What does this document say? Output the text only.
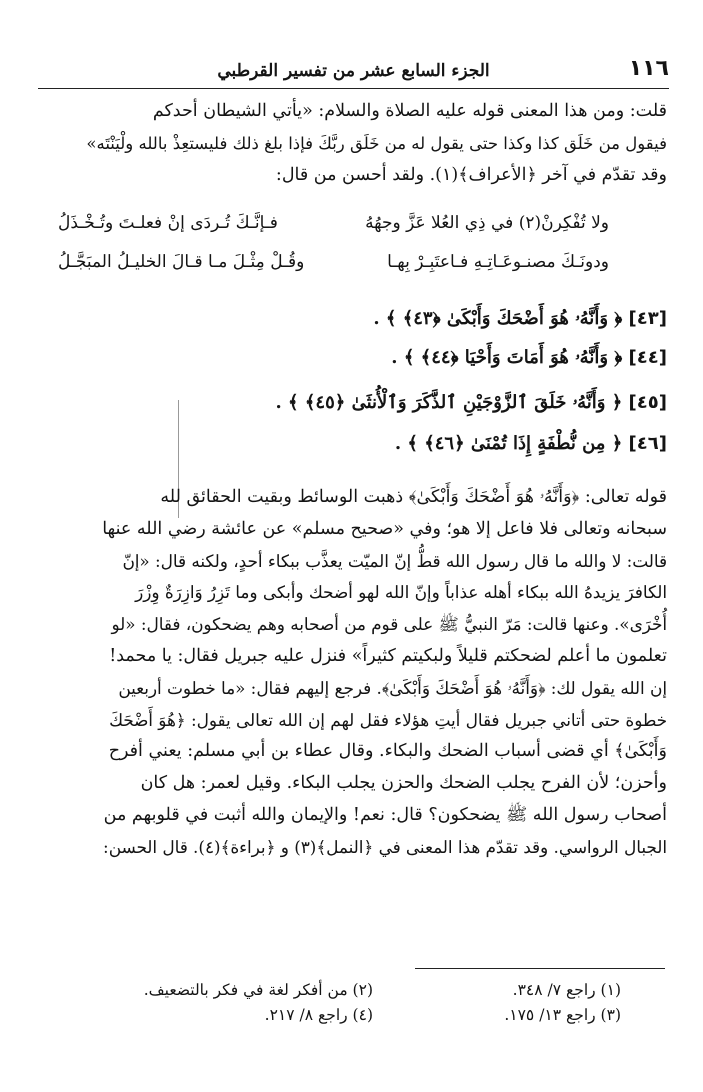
١١٦
الجزء السابع عشر من تفسير القرطبي

قلت: ومن هذا المعنى قوله عليه الصلاة والسلام: «يأتي الشيطان أحدكم

فيقول من خَلَق كذا وكذا حتى يقول له من خَلَق ربَّكَ فإذا بلغ ذلك فليستعِذْ بالله ولْيَنْتَه»

وقد تقدّم في آخر ﴿الأعراف﴾(١). ولقد أحسن من قال:

ولا تُفْكِرنْ(٢) في ذِي العُلا عَزَّ وجهُهُ
فـإنَّـكَ تُـردَى إنْ فعلـتَ وتُـخْـذَلُ
ودونَـكَ مصنـوعَـاتِـهِ فـاعتَبِـرْ بِهـا
وقُـلْ مِثْـلَ مـا قـالَ الخليـلُ المبَجَّـلُ
[٤٣] ﴿ وَأَنَّهُۥ هُوَ أَضْحَكَ وَأَبْكَىٰ ﴿٤٣﴾ ﴾ .
[٤٤] ﴿ وَأَنَّهُۥ هُوَ أَمَاتَ وَأَحْيَا ﴿٤٤﴾ ﴾ .
[٤٥] ﴿ وَأَنَّهُۥ خَلَقَ ٱلزَّوْجَيْنِ ٱلذَّكَرَ وَٱلْأُنثَىٰ ﴿٤٥﴾ ﴾ .
[٤٦] ﴿ مِن نُّطْفَةٍ إِذَا تُمْنَىٰ ﴿٤٦﴾ ﴾ .

قوله تعالى: ﴿وَأَنَّهُۥ هُوَ أَضْحَكَ وَأَبْكَىٰ﴾ ذهبت الوسائط وبقيت الحقائق لله

سبحانه وتعالى فلا فاعل إلا هو؛ وفي «صحيح مسلم» عن عائشة رضي الله عنها

قالت: لا والله ما قال رسول الله قطُّ إنّ الميّت يعذَّب ببكاء أحدٍ، ولكنه قال: «إنّ

الكافرَ يزيدهُ الله ببكاء أهله عذاباً وإنّ الله لهو أضحك وأبكى وما تَزِرُ وَازِرَةٌ وِزْرَ

أُخْرَى». وعنها قالت: مَرّ النبيُّ ﷺ على قوم من أصحابه وهم يضحكون، فقال: «لو

تعلمون ما أعلم لضحكتم قليلاً ولبكيتم كثيراً» فنزل عليه جبريل فقال: يا محمد!

إن الله يقول لك: ﴿وَأَنَّهُۥ هُوَ أَضْحَكَ وَأَبْكَىٰ﴾. فرجع إليهم فقال: «ما خطوت أربعين

خطوة حتى أتاني جبريل فقال أيتِ هؤلاء فقل لهم إن الله تعالى يقول: ﴿هُوَ أَضْحَكَ

وَأَبْكَىٰ﴾ أي قضى أسباب الضحك والبكاء. وقال عطاء بن أبي مسلم: يعني أفرح

وأحزن؛ لأن الفرح يجلب الضحك والحزن يجلب البكاء. وقيل لعمر: هل كان

أصحاب رسول الله ﷺ يضحكون؟ قال: نعم! والإيمان والله أثبت في قلوبهم من

الجبال الرواسي. وقد تقدّم هذا المعنى في ﴿النمل﴾(٣) و ﴿براءة﴾(٤). قال الحسن:

(١) راجع ٧/ ٣٤٨.
(٢) من أفكر لغة في فكر بالتضعيف.
(٣) راجع ١٣/ ١٧٥.
(٤) راجع ٨/ ٢١٧.
